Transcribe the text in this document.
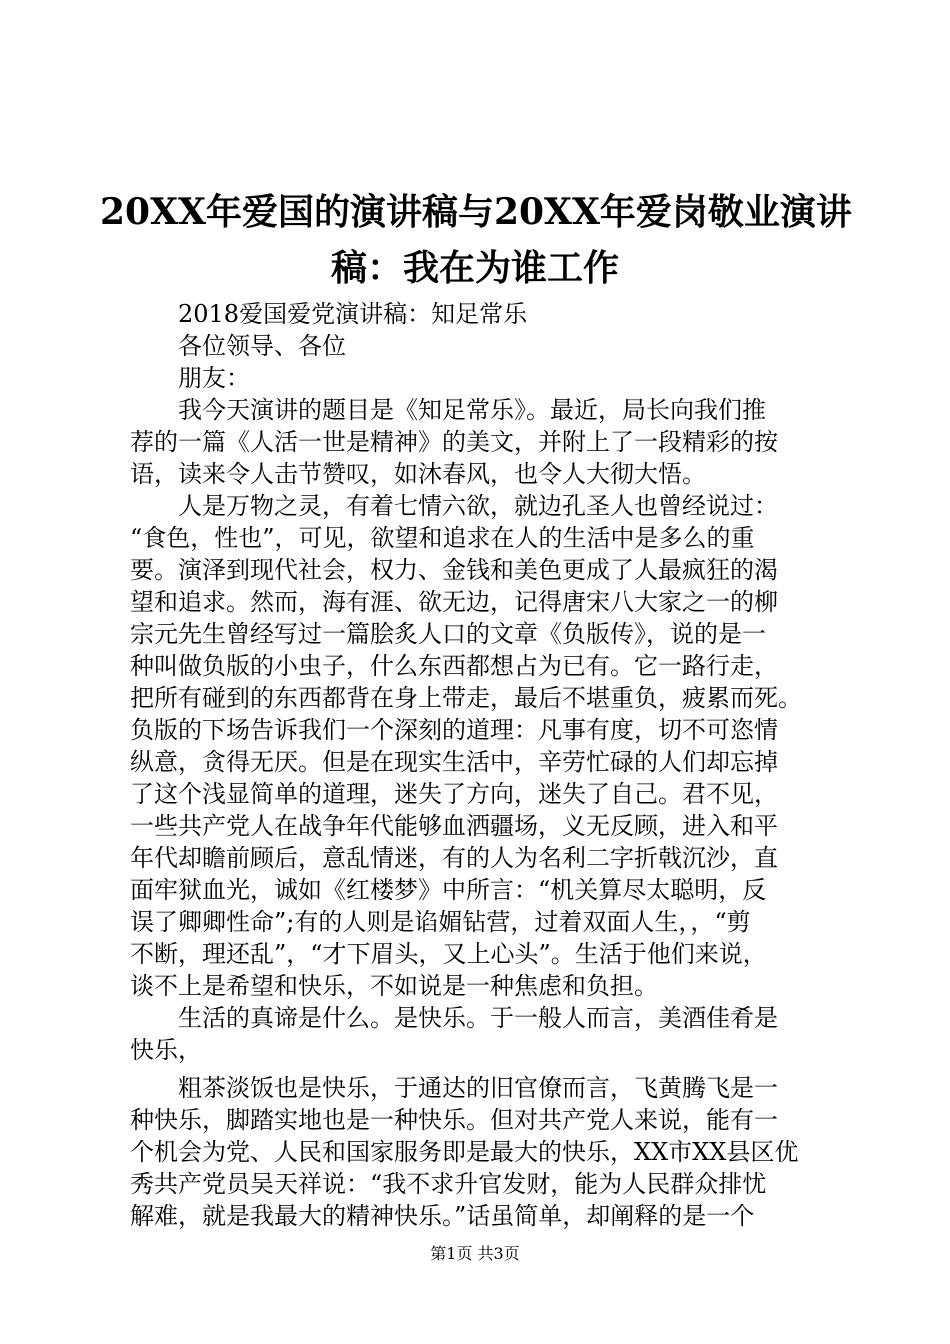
20XX年爱国的演讲稿与20XX年爱岗敬业演讲
稿：我在为谁工作
　　2018爱国爱党演讲稿：知足常乐
　　各位领导、各位
　　朋友：
　　我今天演讲的题目是《知足常乐》。最近，局长向我们推
荐的一篇《人活一世是精神》的美文，并附上了一段精彩的按
语，读来令人击节赞叹，如沐春风，也令人大彻大悟。
　　人是万物之灵，有着七情六欲，就边孔圣人也曾经说过：
“食色，性也”，可见，欲望和追求在人的生活中是多么的重
要。演泽到现代社会，权力、金钱和美色更成了人最疯狂的渴
望和追求。然而，海有涯、欲无边，记得唐宋八大家之一的柳
宗元先生曾经写过一篇脍炙人口的文章《负版传》，说的是一
种叫做负版的小虫子，什么东西都想占为已有。它一路行走，
把所有碰到的东西都背在身上带走，最后不堪重负，疲累而死。
负版的下场告诉我们一个深刻的道理：凡事有度，切不可恣情
纵意，贪得无厌。但是在现实生活中，辛劳忙碌的人们却忘掉
了这个浅显简单的道理，迷失了方向，迷失了自己。君不见，
一些共产党人在战争年代能够血洒疆场，义无反顾，进入和平
年代却瞻前顾后，意乱情迷，有的人为名利二字折戟沉沙，直
面牢狱血光，诚如《红楼梦》中所言：“机关算尽太聪明，反
误了卿卿性命”;有的人则是谄媚钻营，过着双面人生，，“剪
不断，理还乱”，“才下眉头，又上心头”。生活于他们来说，
谈不上是希望和快乐，不如说是一种焦虑和负担。
　　生活的真谛是什么。是快乐。于一般人而言，美酒佳肴是
快乐，
　　粗茶淡饭也是快乐，于通达的旧官僚而言，飞黄腾飞是一
种快乐，脚踏实地也是一种快乐。但对共产党人来说，能有一
个机会为党、人民和国家服务即是最大的快乐，XX市XX县区优
秀共产党员吴天祥说：“我不求升官发财，能为人民群众排忧
解难，就是我最大的精神快乐。”话虽简单，却阐释的是一个
第1页 共3页
